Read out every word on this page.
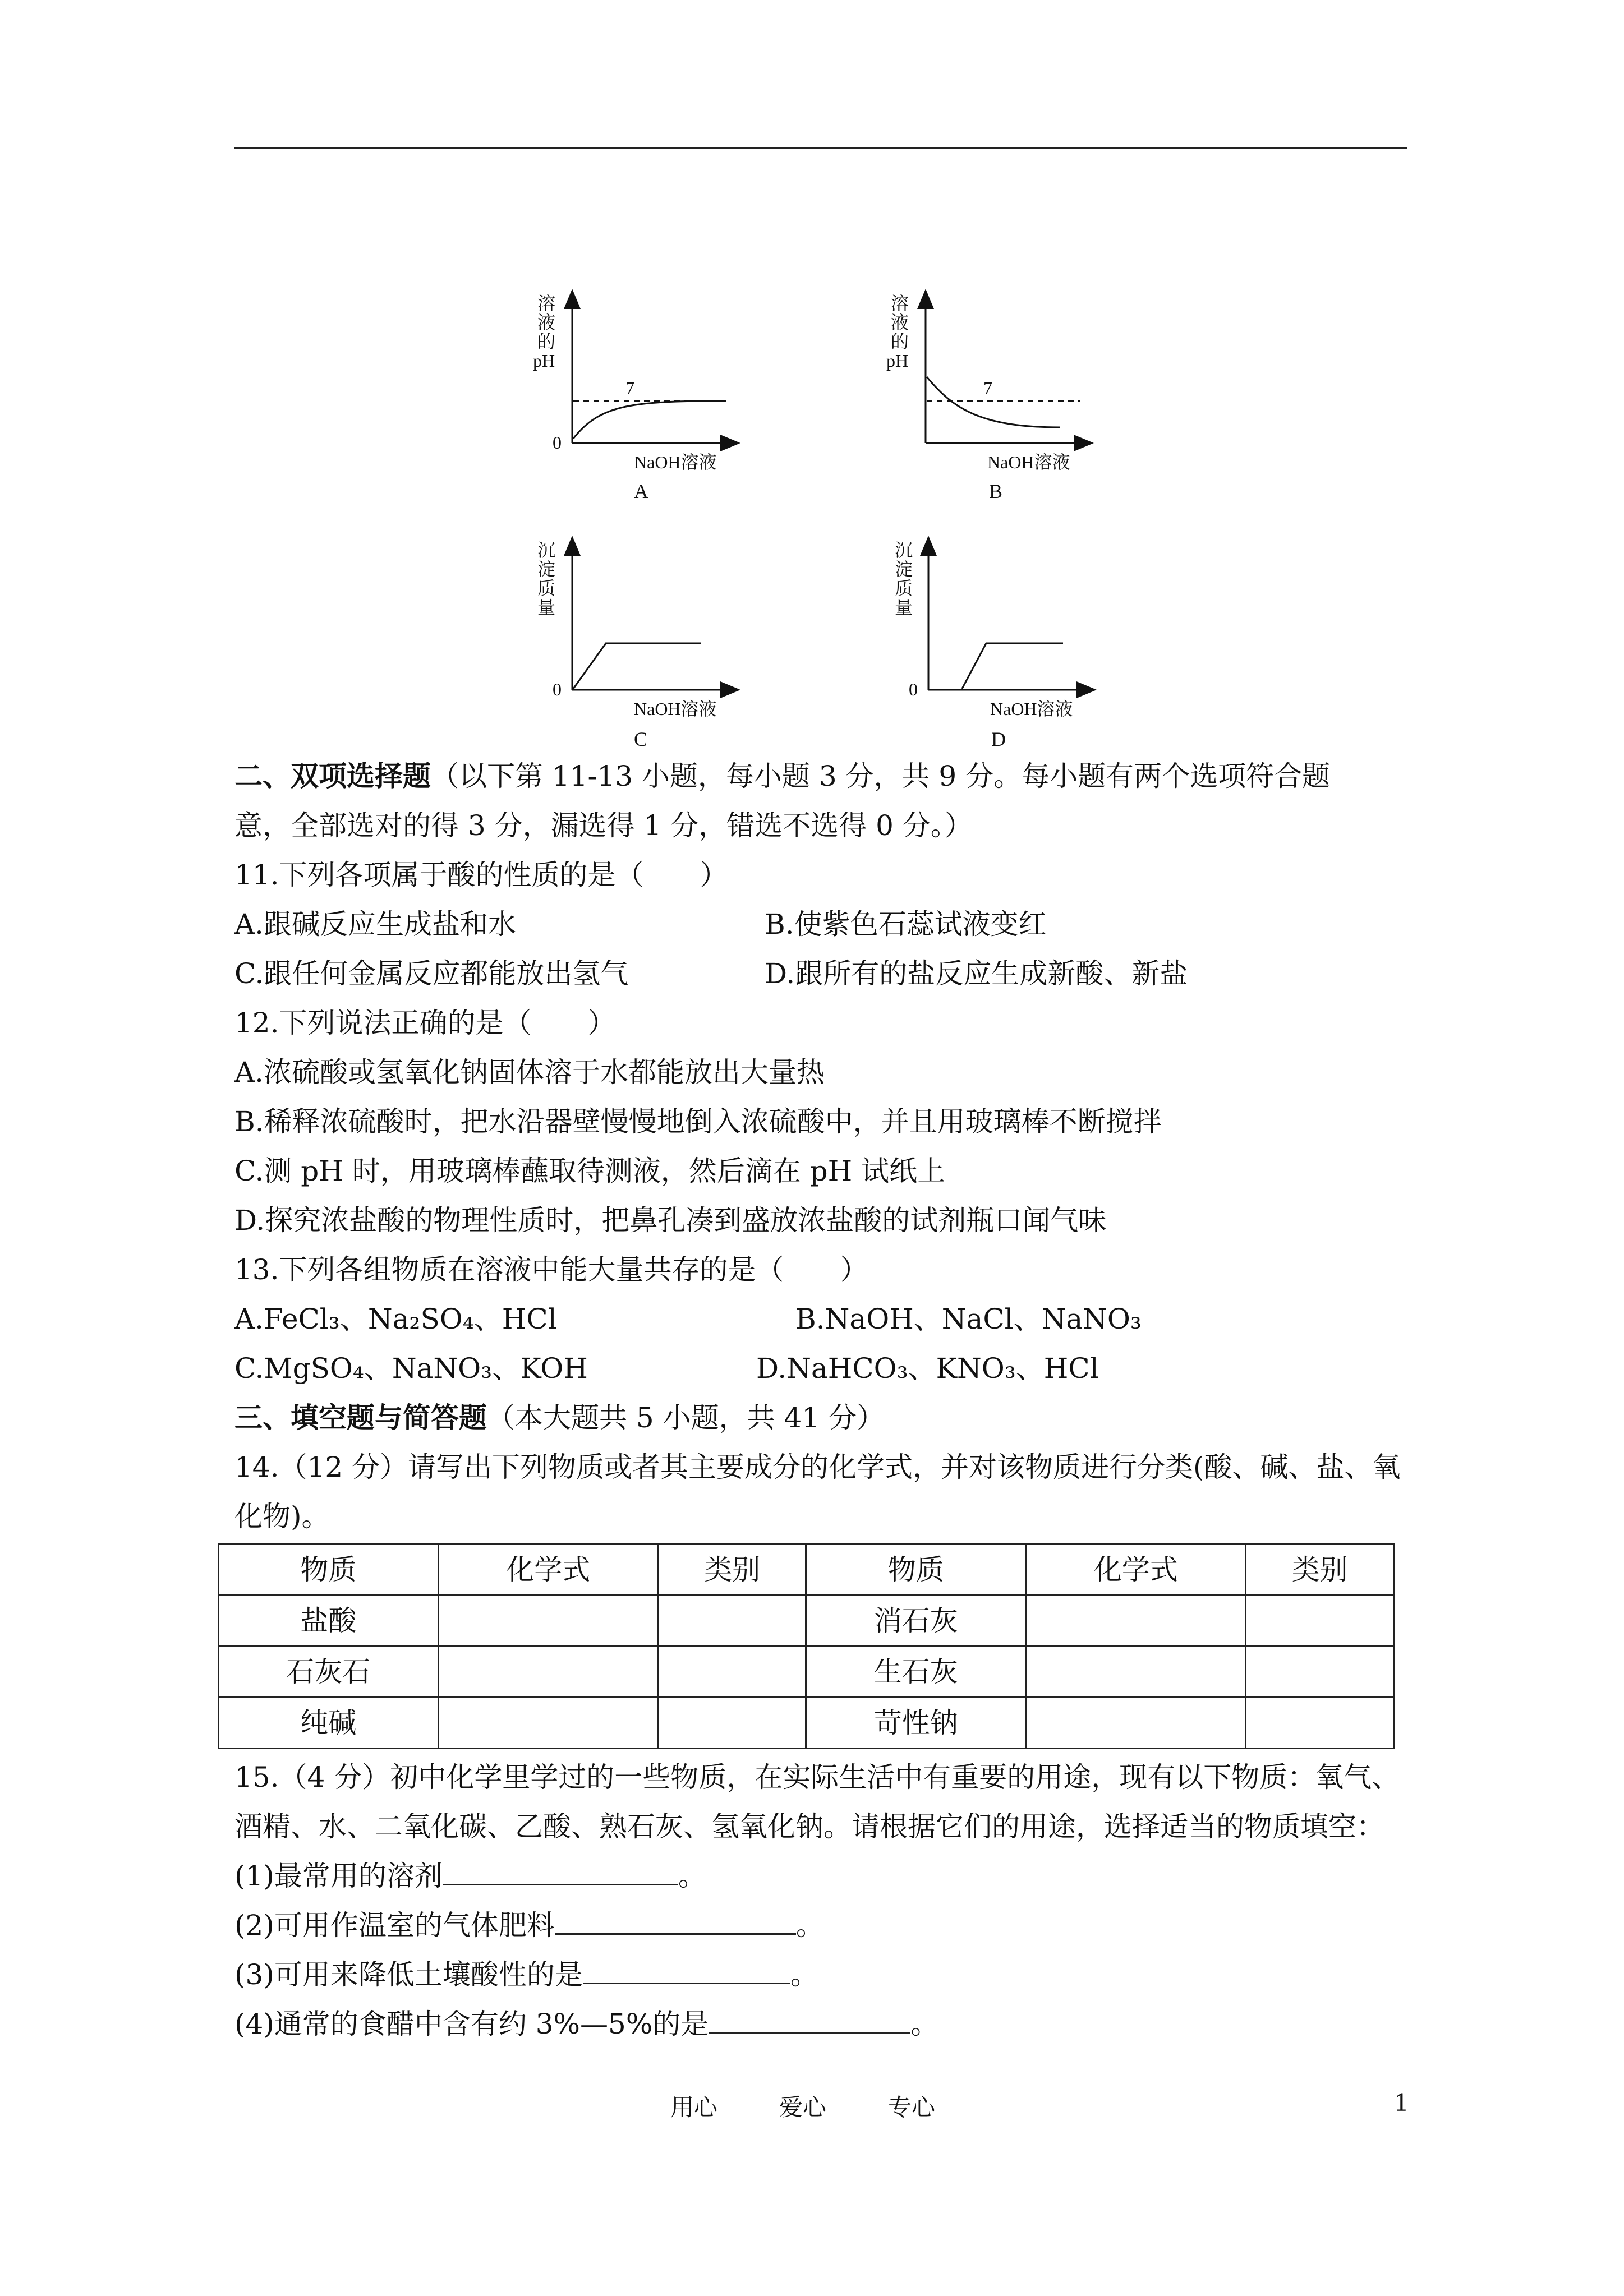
溶
液
的
pH
0
7
NaOH溶液
A
溶
液
的
pH
7
NaOH溶液
B
沉
淀
质
量
0
NaOH溶液
C
沉
淀
质
量
0
NaOH溶液
D
二、双项选择题（以下第 11-13 小题，每小题 3 分，共 9 分。每小题有两个选项符合题
意，全部选对的得 3 分，漏选得 1 分，错选不选得 0 分。）
11.下列各项属于酸的性质的是（　　）
A.跟碱反应生成盐和水	B.使紫色石蕊试液变红
C.跟任何金属反应都能放出氢气	D.跟所有的盐反应生成新酸、新盐
12.下列说法正确的是（　　）
A.浓硫酸或氢氧化钠固体溶于水都能放出大量热
B.稀释浓硫酸时，把水沿器壁慢慢地倒入浓硫酸中，并且用玻璃棒不断搅拌
C.测 pH 时，用玻璃棒蘸取待测液，然后滴在 pH 试纸上
D.探究浓盐酸的物理性质时，把鼻孔凑到盛放浓盐酸的试剂瓶口闻气味
13.下列各组物质在溶液中能大量共存的是（　　）
A.FeCl₃、Na₂SO₄、HCl	B.NaOH、NaCl、NaNO₃
C.MgSO₄、NaNO₃、KOH	D.NaHCO₃、KNO₃、HCl
三、填空题与简答题（本大题共 5 小题，共 41 分）
14.（12 分）请写出下列物质或者其主要成分的化学式，并对该物质进行分类(酸、碱、盐、氧
化物)。
物质	化学式	类别	物质	化学式	类别
盐酸			消石灰		
石灰石			生石灰		
纯碱			苛性钠		
15.（4 分）初中化学里学过的一些物质，在实际生活中有重要的用途，现有以下物质：氧气、
酒精、水、二氧化碳、乙酸、熟石灰、氢氧化钠。请根据它们的用途，选择适当的物质填空：
(1)最常用的溶剂	。
(2)可用作温室的气体肥料	。
(3)可用来降低土壤酸性的是	。
(4)通常的食醋中含有约 3%—5%的是	。
用心	爱心	专心	1
